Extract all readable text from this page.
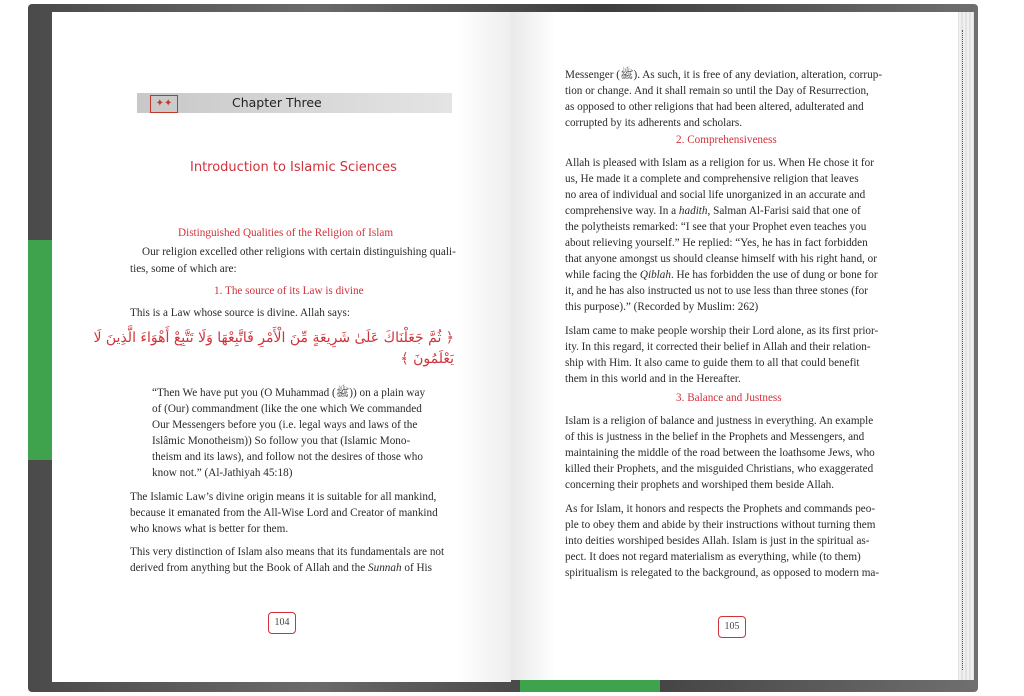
✦✦	Chapter Three
Introduction to Islamic Sciences
Distinguished Qualities of the Religion of Islam
Our religion excelled other religions with certain distinguishing quali-
ties, some of which are:
1. The source of its Law is divine
This is a Law whose source is divine. Allah says:
﴿ ثُمَّ جَعَلْنَاكَ عَلَىٰ شَرِيعَةٍ مِّنَ الْأَمْرِ فَاتَّبِعْهَا وَلَا تَتَّبِعْ أَهْوَاءَ الَّذِينَ لَا
يَعْلَمُونَ ﴾
“Then We have put you (O Muhammad (ﷺ)) on a plain way
of (Our) commandment (like the one which We commanded
Our Messengers before you (i.e. legal ways and laws of the
Islâmic Monotheism)) So follow you that (Islamic Mono-
theism and its laws), and follow not the desires of those who
know not.” (Al-Jathiyah 45:18)
The Islamic Law’s divine origin means it is suitable for all mankind,
because it emanated from the All-Wise Lord and Creator of mankind
who knows what is better for them.
This very distinction of Islam also means that its fundamentals are not
derived from anything but the Book of Allah and the Sunnah of His
104
Messenger (ﷺ). As such, it is free of any deviation, alteration, corrup-
tion or change. And it shall remain so until the Day of Resurrection,
as opposed to other religions that had been altered, adulterated and
corrupted by its adherents and scholars.
2. Comprehensiveness
Allah is pleased with Islam as a religion for us. When He chose it for
us, He made it a complete and comprehensive religion that leaves
no area of individual and social life unorganized in an accurate and
comprehensive way. In a hadith, Salman Al-Farisi said that one of
the polytheists remarked: “I see that your Prophet even teaches you
about relieving yourself.” He replied: “Yes, he has in fact forbidden
that anyone amongst us should cleanse himself with his right hand, or
while facing the Qiblah. He has forbidden the use of dung or bone for
it, and he has also instructed us not to use less than three stones (for
this purpose).” (Recorded by Muslim: 262)
Islam came to make people worship their Lord alone, as its first prior-
ity. In this regard, it corrected their belief in Allah and their relation-
ship with Him. It also came to guide them to all that could benefit
them in this world and in the Hereafter.
3. Balance and Justness
Islam is a religion of balance and justness in everything. An example
of this is justness in the belief in the Prophets and Messengers, and
maintaining the middle of the road between the loathsome Jews, who
killed their Prophets, and the misguided Christians, who exaggerated
concerning their prophets and worshiped them beside Allah.
As for Islam, it honors and respects the Prophets and commands peo-
ple to obey them and abide by their instructions without turning them
into deities worshiped besides Allah. Islam is just in the spiritual as-
pect. It does not regard materialism as everything, while (to them)
spiritualism is relegated to the background, as opposed to modern ma-
105
